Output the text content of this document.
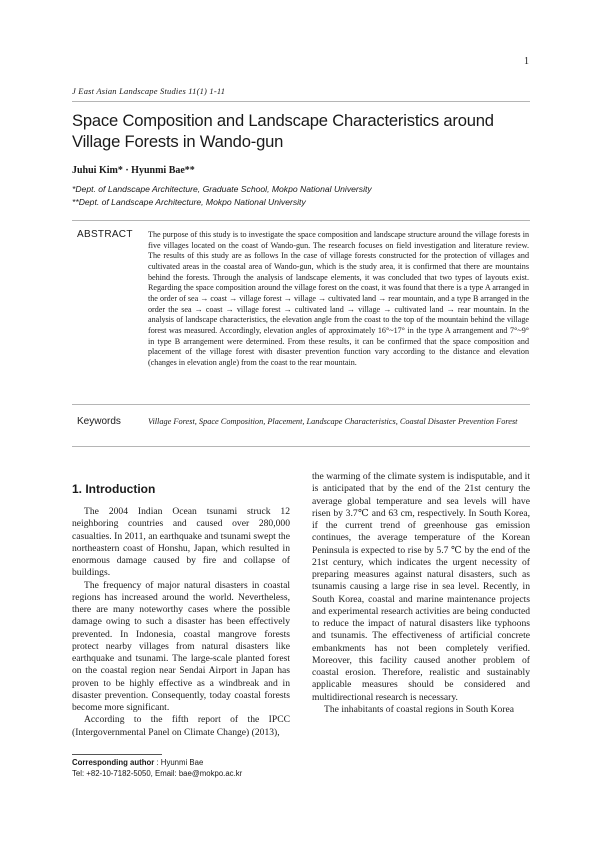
1
J East Asian Landscape Studies 11(1) 1-11
Space Composition and Landscape Characteristics around Village Forests in Wando-gun
Juhui Kim* · Hyunmi Bae**
*Dept. of Landscape Architecture, Graduate School, Mokpo National University
**Dept. of Landscape Architecture, Mokpo National University
ABSTRACT The purpose of this study is to investigate the space composition and landscape structure around the village forests in five villages located on the coast of Wando-gun. The research focuses on field investigation and literature review. The results of this study are as follows In the case of village forests constructed for the protection of villages and cultivated areas in the coastal area of Wando-gun, which is the study area, it is confirmed that there are mountains behind the forests. Through the analysis of landscape elements, it was concluded that two types of layouts exist. Regarding the space composition around the village forest on the coast, it was found that there is a type A arranged in the order of sea → coast → village forest → village → cultivated land → rear mountain, and a type B arranged in the order the sea → coast → village forest → cultivated land → village → cultivated land → rear mountain. In the analysis of landscape characteristics, the elevation angle from the coast to the top of the mountain behind the village forest was measured. Accordingly, elevation angles of approximately 16°~17° in the type A arrangement and 7°~9° in type B arrangement were determined. From these results, it can be confirmed that the space composition and placement of the village forest with disaster prevention function vary according to the distance and elevation (changes in elevation angle) from the coast to the rear mountain.

Keywords	Village Forest, Space Composition, Placement, Landscape Characteristics, Coastal Disaster Prevention Forest

1. Introduction

The 2004 Indian Ocean tsunami struck 12 neighboring countries and caused over 280,000 casualties. In 2011, an earthquake and tsunami swept the northeastern coast of Honshu, Japan, which resulted in enormous damage caused by fire and collapse of buildings.

The frequency of major natural disasters in coastal regions has increased around the world. Nevertheless, there are many noteworthy cases where the possible damage owing to such a disaster has been effectively prevented. In Indonesia, coastal mangrove forests protect nearby villages from natural disasters like earthquake and tsunami. The large-scale planted forest on the coastal region near Sendai Airport in Japan has proven to be highly effective as a windbreak and in disaster prevention. Consequently, today coastal forests become more significant.

According to the fifth report of the IPCC (Intergovernmental Panel on Climate Change) (2013),

the warming of the climate system is indisputable, and it is anticipated that by the end of the 21st century the average global temperature and sea levels will have risen by 3.7℃ and 63 cm, respectively. In South Korea, if the current trend of greenhouse gas emission continues, the average temperature of the Korean Peninsula is expected to rise by 5.7 ℃ by the end of the 21st century, which indicates the urgent necessity of preparing measures against natural disasters, such as tsunamis causing a large rise in sea level. Recently, in South Korea, coastal and marine maintenance projects and experimental research activities are being conducted to reduce the impact of natural disasters like typhoons and tsunamis. The effectiveness of artificial concrete embankments has not been completely verified. Moreover, this facility caused another problem of coastal erosion. Therefore, realistic and sustainably applicable measures should be considered and multidirectional research is necessary.

The inhabitants of coastal regions in South Korea

Corresponding author : Hyunmi Bae
Tel: +82-10-7182-5050, Email: bae@mokpo.ac.kr
